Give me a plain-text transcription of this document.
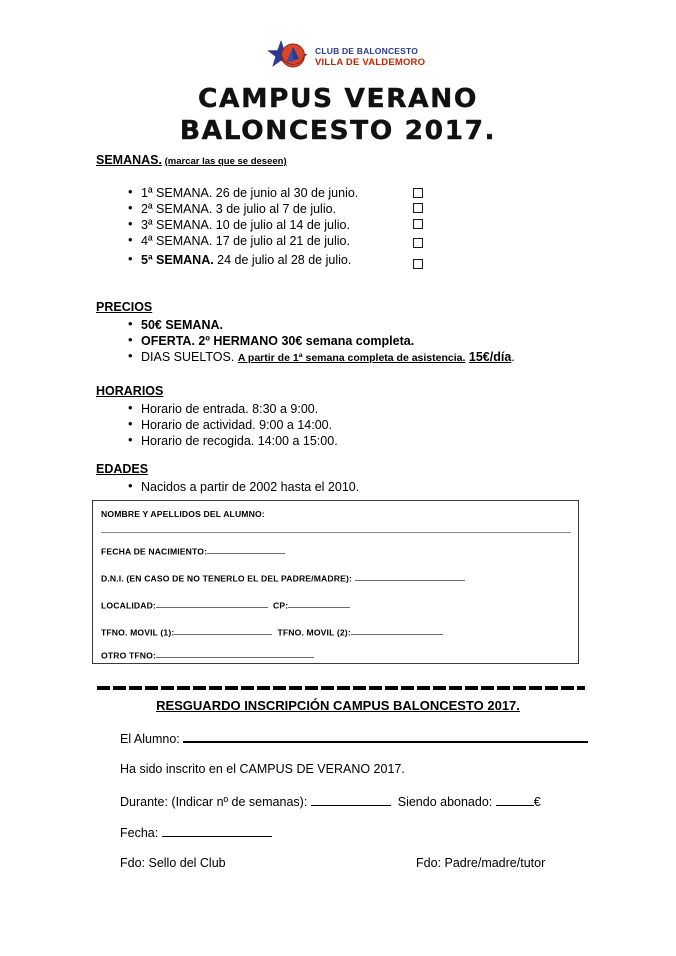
CLUB DE BALONCESTO
VILLA DE VALDEMORO
CAMPUS VERANO
BALONCESTO 2017.
SEMANAS. (marcar las que se deseen)
• 1ª SEMANA. 26 de junio al 30 de junio.
• 2ª SEMANA. 3 de julio al 7 de julio.
• 3ª SEMANA. 10 de julio al 14 de julio.
• 4ª SEMANA. 17 de julio al 21 de julio.
• 5ª SEMANA. 24 de julio al 28 de julio.
PRECIOS
• 50€ SEMANA.
• OFERTA. 2º HERMANO 30€ semana completa.
• DIAS SUELTOS. A partir de 1ª semana completa de asistencia. 15€/día.
HORARIOS
• Horario de entrada. 8:30 a 9:00.
• Horario de actividad. 9:00 a 14:00.
• Horario de recogida. 14:00 a 15:00.
EDADES
• Nacidos a partir de 2002 hasta el 2010.
NOMBRE Y APELLIDOS DEL ALUMNO:
FECHA DE NACIMIENTO:
D.N.I. (EN CASO DE NO TENERLO EL DEL PADRE/MADRE):
LOCALIDAD:	CP:
TFNO. MOVIL (1):	TFNO. MOVIL (2):
OTRO TFNO:
RESGUARDO INSCRIPCIÓN CAMPUS BALONCESTO 2017.
El Alumno:
Ha sido inscrito en el CAMPUS DE VERANO 2017.
Durante: (Indicar nº de semanas):	Siendo abonado:	€
Fecha:
Fdo: Sello del Club	Fdo: Padre/madre/tutor
